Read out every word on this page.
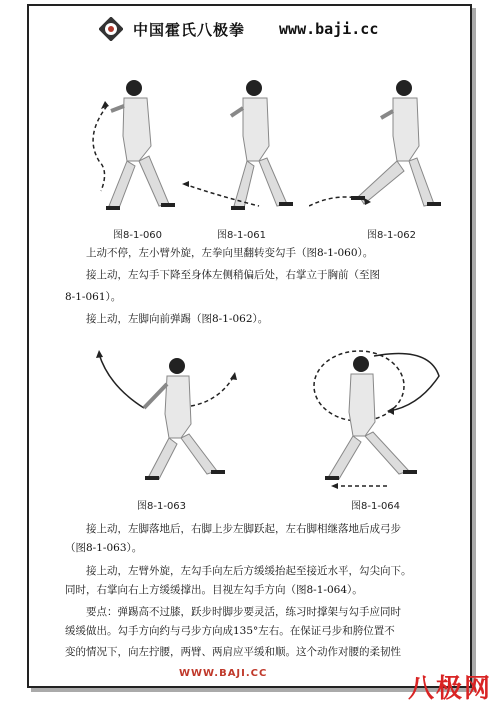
中国霍氏八极拳 www.baji.cc
图8-1-060	图8-1-061	图8-1-062

上动不停，左小臂外旋，左拳向里翻转变勾手（图8-1-060）。

接上动，左勾手下降至身体左侧稍偏后处，右掌立于胸前（至图

8-1-061）。

接上动，左脚向前弹踢（图8-1-062）。

图8-1-063	图8-1-064

接上动，左脚落地后，右脚上步左脚跃起，左右脚相继落地后成弓步

（图8-1-063）。

接上动，左臂外旋，左勾手向左后方缓缓抬起至接近水平，勾尖向下。

同时，右掌向右上方缓缓撑出。目视左勾手方向（图8-1-064）。

要点：弹踢高不过膝，跃步时脚步要灵活，练习时撑架与勾手应同时

缓缓做出。勾手方向约与弓步方向成135°左右。在保证弓步和胯位置不

变的情况下，向左拧腰，两臂、两肩应平缓和顺。这个动作对腰的柔韧性

WWW.BAJI.CC
八极网
